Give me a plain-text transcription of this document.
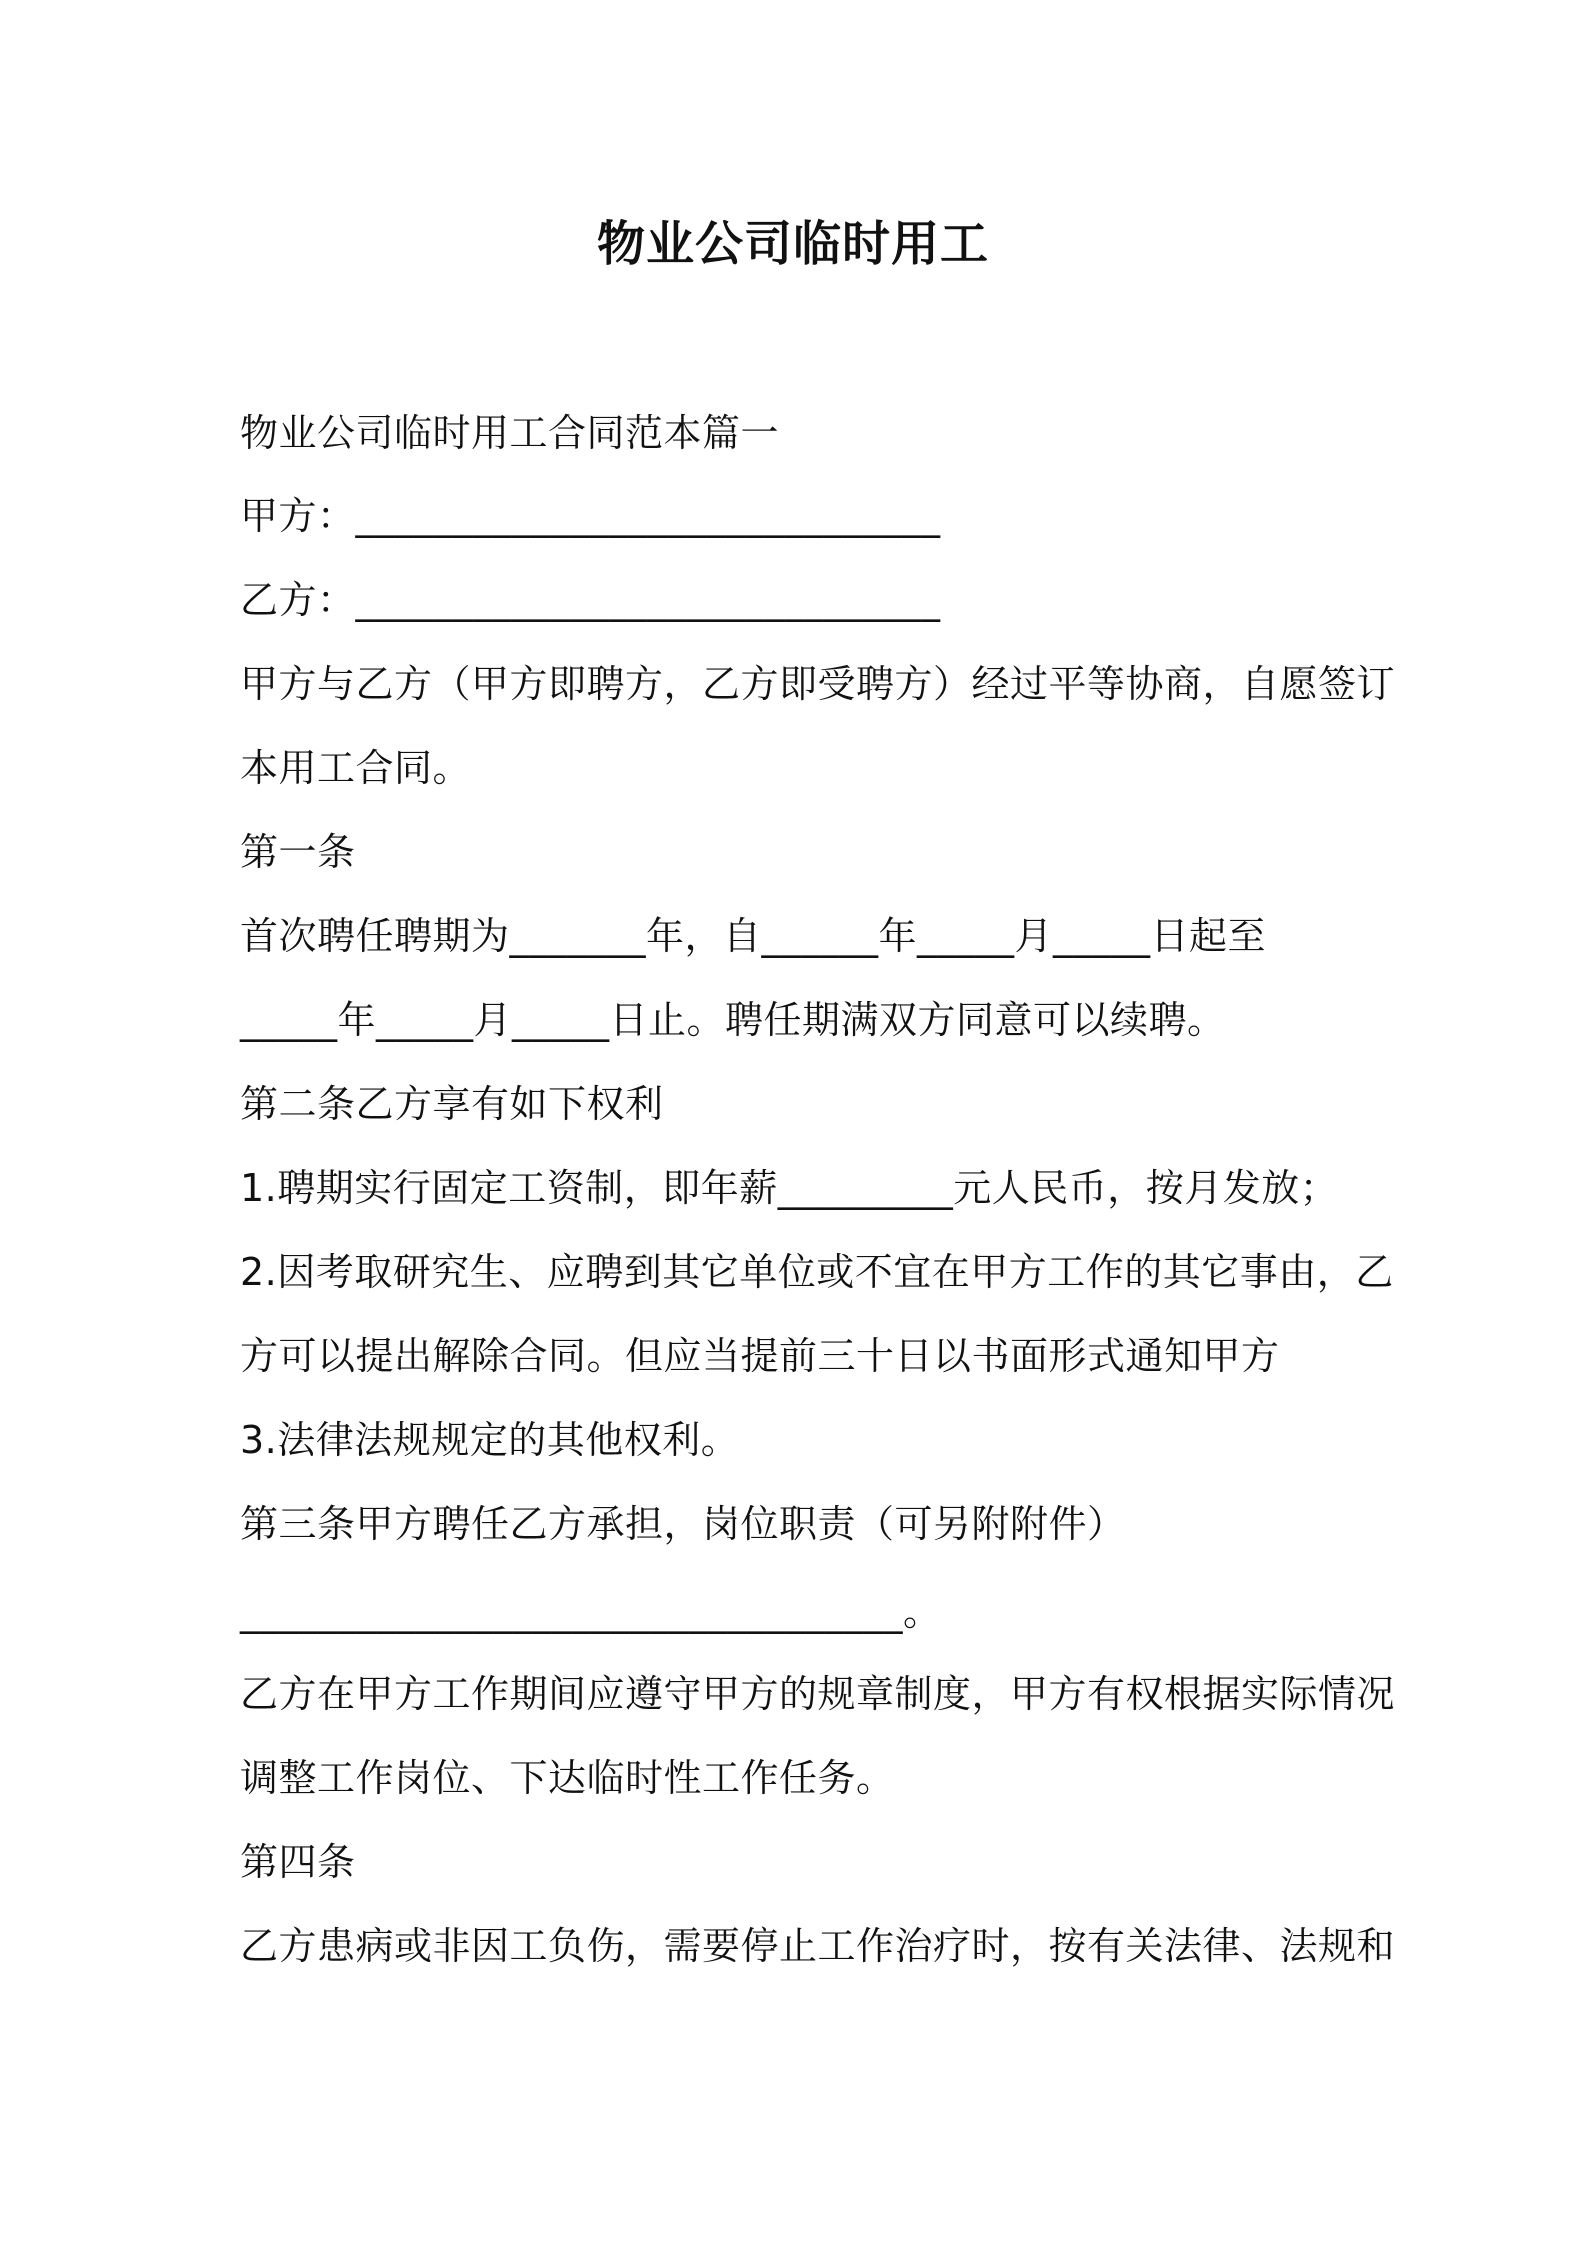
物业公司临时用工
物业公司临时用工合同范本篇一
甲方：______________________________
乙方：______________________________
甲方与乙方（甲方即聘方，乙方即受聘方）经过平等协商，自愿签订
本用工合同。
第一条
首次聘任聘期为_______年，自______年_____月_____日起至
_____年_____月_____日止。聘任期满双方同意可以续聘。
第二条乙方享有如下权利
1.聘期实行固定工资制，即年薪_________元人民币，按月发放；
2.因考取研究生、应聘到其它单位或不宜在甲方工作的其它事由，乙
方可以提出解除合同。但应当提前三十日以书面形式通知甲方
3.法律法规规定的其他权利。
第三条甲方聘任乙方承担，岗位职责（可另附附件）
__________________________________。
乙方在甲方工作期间应遵守甲方的规章制度，甲方有权根据实际情况
调整工作岗位、下达临时性工作任务。
第四条
乙方患病或非因工负伤，需要停止工作治疗时，按有关法律、法规和
